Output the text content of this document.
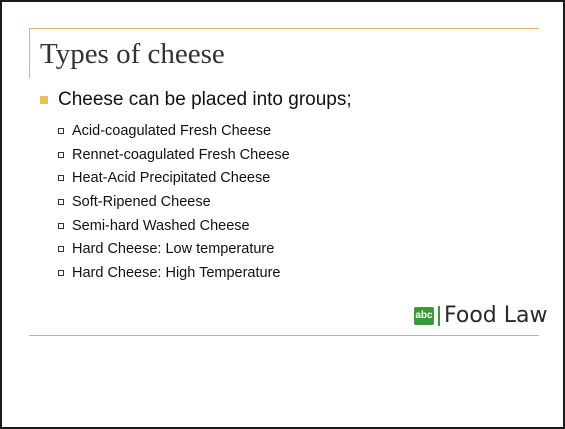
Types of cheese
Cheese can be placed into groups;
Acid-coagulated Fresh Cheese
Rennet-coagulated Fresh Cheese
Heat-Acid Precipitated Cheese
Soft-Ripened Cheese
Semi-hard Washed Cheese
Hard Cheese: Low temperature
Hard Cheese: High Temperature
abc Food Law
